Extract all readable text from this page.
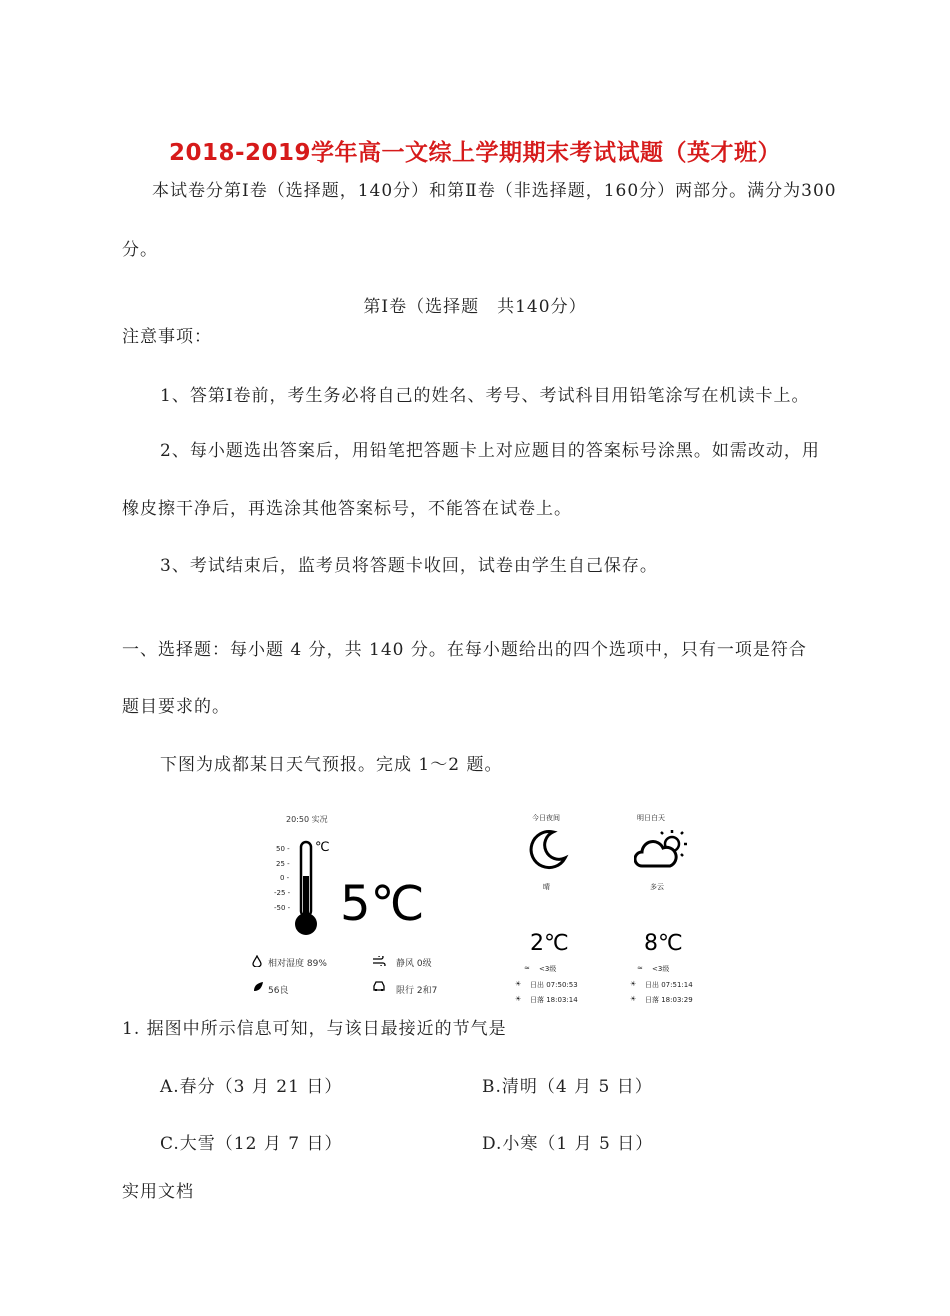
2018-2019学年高一文综上学期期末考试试题（英才班）
本试卷分第Ⅰ卷（选择题，140分）和第Ⅱ卷（非选择题，160分）两部分。满分为300
分。
第Ⅰ卷（选择题　共140分）
注意事项：
1、答第Ⅰ卷前，考生务必将自己的姓名、考号、考试科目用铅笔涂写在机读卡上。
2、每小题选出答案后，用铅笔把答题卡上对应题目的答案标号涂黑。如需改动，用
橡皮擦干净后，再选涂其他答案标号，不能答在试卷上。
3、考试结束后，监考员将答题卡收回，试卷由学生自己保存。
一、选择题：每小题 4 分，共 140 分。在每小题给出的四个选项中，只有一项是符合
题目要求的。
下图为成都某日天气预报。完成 1～2 题。
20:50 实况
50 -
25 -
0 -
-25 -
-50 -
℃
5℃
相对湿度 89%	静风 0级
56良	限行 2和7
今日夜间
晴
2℃
≈ <3级
☀ 日出 07:50:53
☀ 日落 18:03:14
明日白天
多云
8℃
≈ <3级
☀ 日出 07:51:14
☀ 日落 18:03:29
1. 据图中所示信息可知，与该日最接近的节气是
A.春分（3 月 21 日）	B.清明（4 月 5 日）
C.大雪（12 月 7 日）	D.小寒（1 月 5 日）
实用文档
